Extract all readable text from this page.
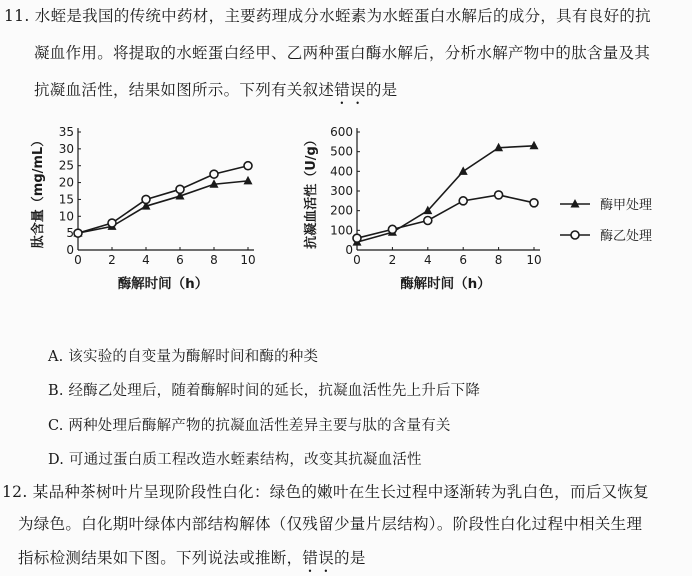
11. 水蛭是我国的传统中药材，主要药理成分水蛭素为水蛭蛋白水解后的成分，具有良好的抗
凝血作用。将提取的水蛭蛋白经甲、乙两种蛋白酶水解后，分析水解产物中的肽含量及其
抗凝血活性，结果如图所示。下列有关叙述错误的是
0 2 4 6 8 10
0
5
10
15
20
25
30
35
酶解时间（h）
肽含量（mg/mL）
0 2 4 6 8 10
0
100
200
300
400
500
600
酶解时间（h）
抗凝血活性（U/g）	酶甲处理
酶乙处理
A. 该实验的自变量为酶解时间和酶的种类
B. 经酶乙处理后，随着酶解时间的延长，抗凝血活性先上升后下降
C. 两种处理后酶解产物的抗凝血活性差异主要与肽的含量有关
D. 可通过蛋白质工程改造水蛭素结构，改变其抗凝血活性
12. 某品种茶树叶片呈现阶段性白化：绿色的嫩叶在生长过程中逐渐转为乳白色，而后又恢复
为绿色。白化期叶绿体内部结构解体（仅残留少量片层结构）。阶段性白化过程中相关生理
指标检测结果如下图。下列说法或推断，错误的是
